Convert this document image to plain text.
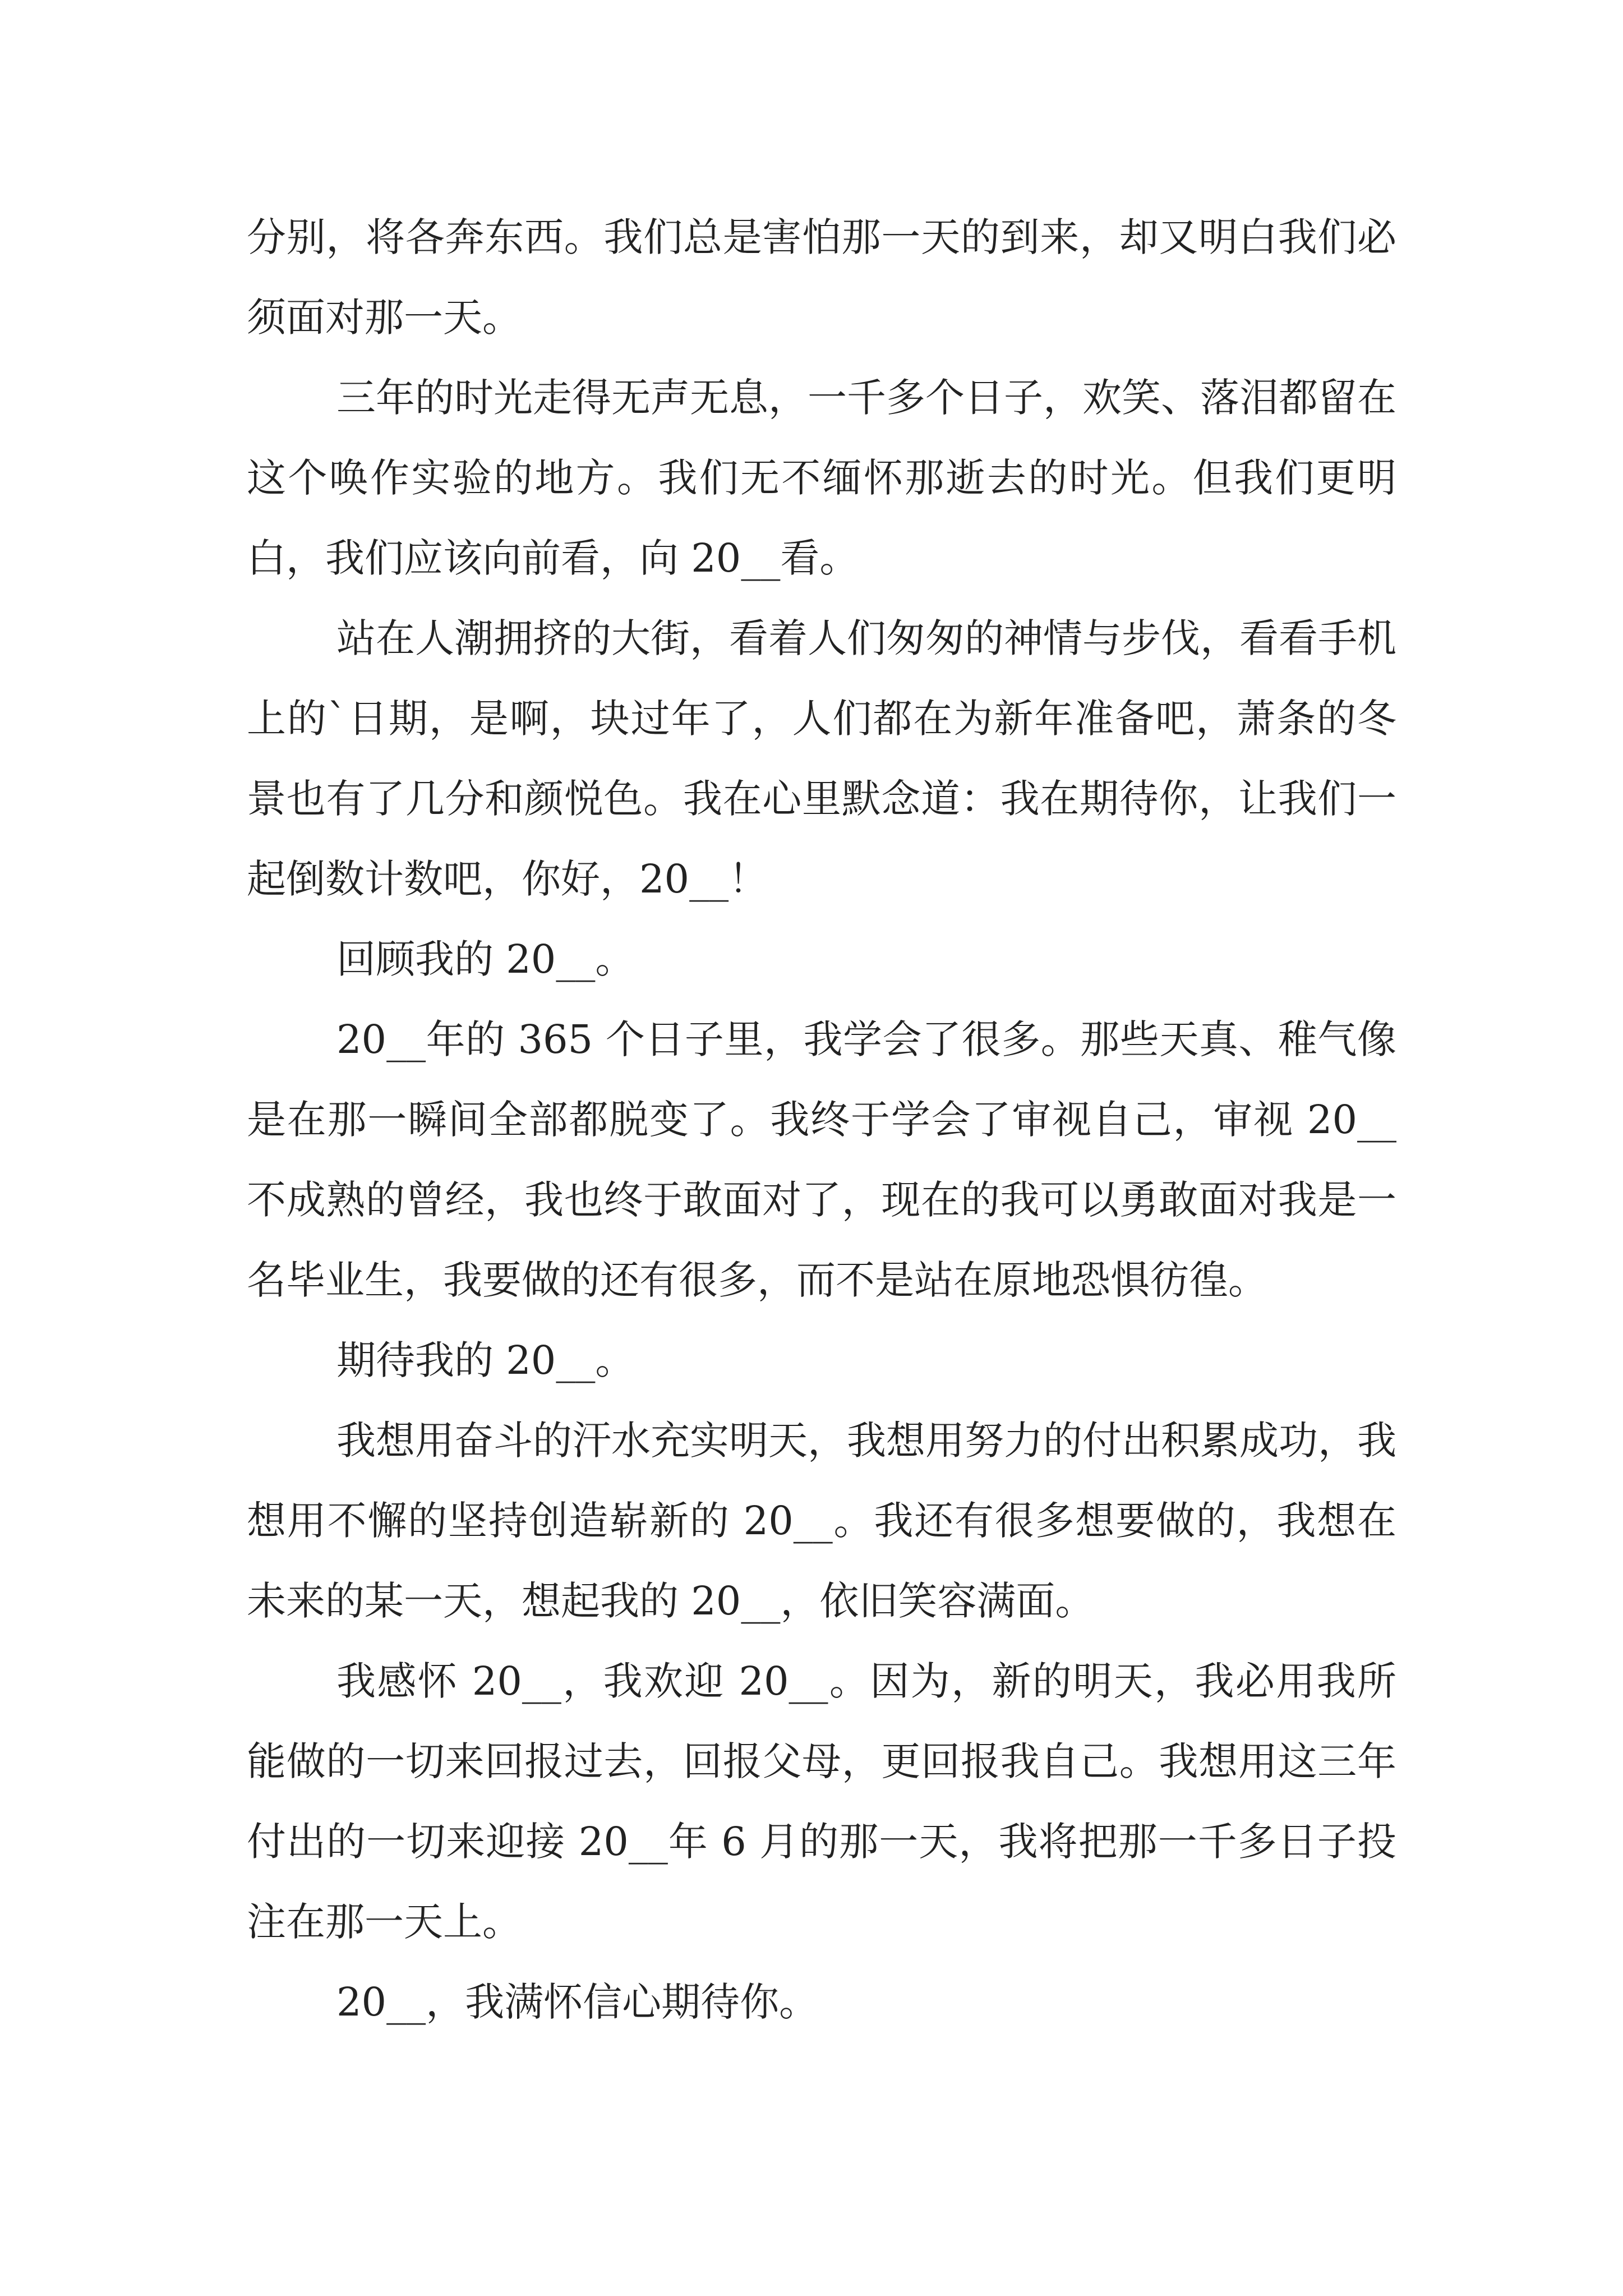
分别，将各奔东西。我们总是害怕那一天的到来，却又明白我们必须面对那一天。

三年的时光走得无声无息，一千多个日子，欢笑、落泪都留在这个唤作实验的地方。我们无不缅怀那逝去的时光。但我们更明白，我们应该向前看，向 20__看。

站在人潮拥挤的大街，看着人们匆匆的神情与步伐，看看手机上的`日期，是啊，块过年了，人们都在为新年准备吧，萧条的冬景也有了几分和颜悦色。我在心里默念道：我在期待你，让我们一起倒数计数吧，你好，20__！

回顾我的 20__。

20__年的 365 个日子里，我学会了很多。那些天真、稚气像是在那一瞬间全部都脱变了。我终于学会了审视自己，审视 20__不成熟的曾经，我也终于敢面对了，现在的我可以勇敢面对我是一名毕业生，我要做的还有很多，而不是站在原地恐惧彷徨。

期待我的 20__。

我想用奋斗的汗水充实明天，我想用努力的付出积累成功，我想用不懈的坚持创造崭新的 20__。我还有很多想要做的，我想在未来的某一天，想起我的 20__，依旧笑容满面。

我感怀 20__，我欢迎 20__。因为，新的明天，我必用我所能做的一切来回报过去，回报父母，更回报我自己。我想用这三年付出的一切来迎接 20__年 6 月的那一天，我将把那一千多日子投注在那一天上。

20__，我满怀信心期待你。
